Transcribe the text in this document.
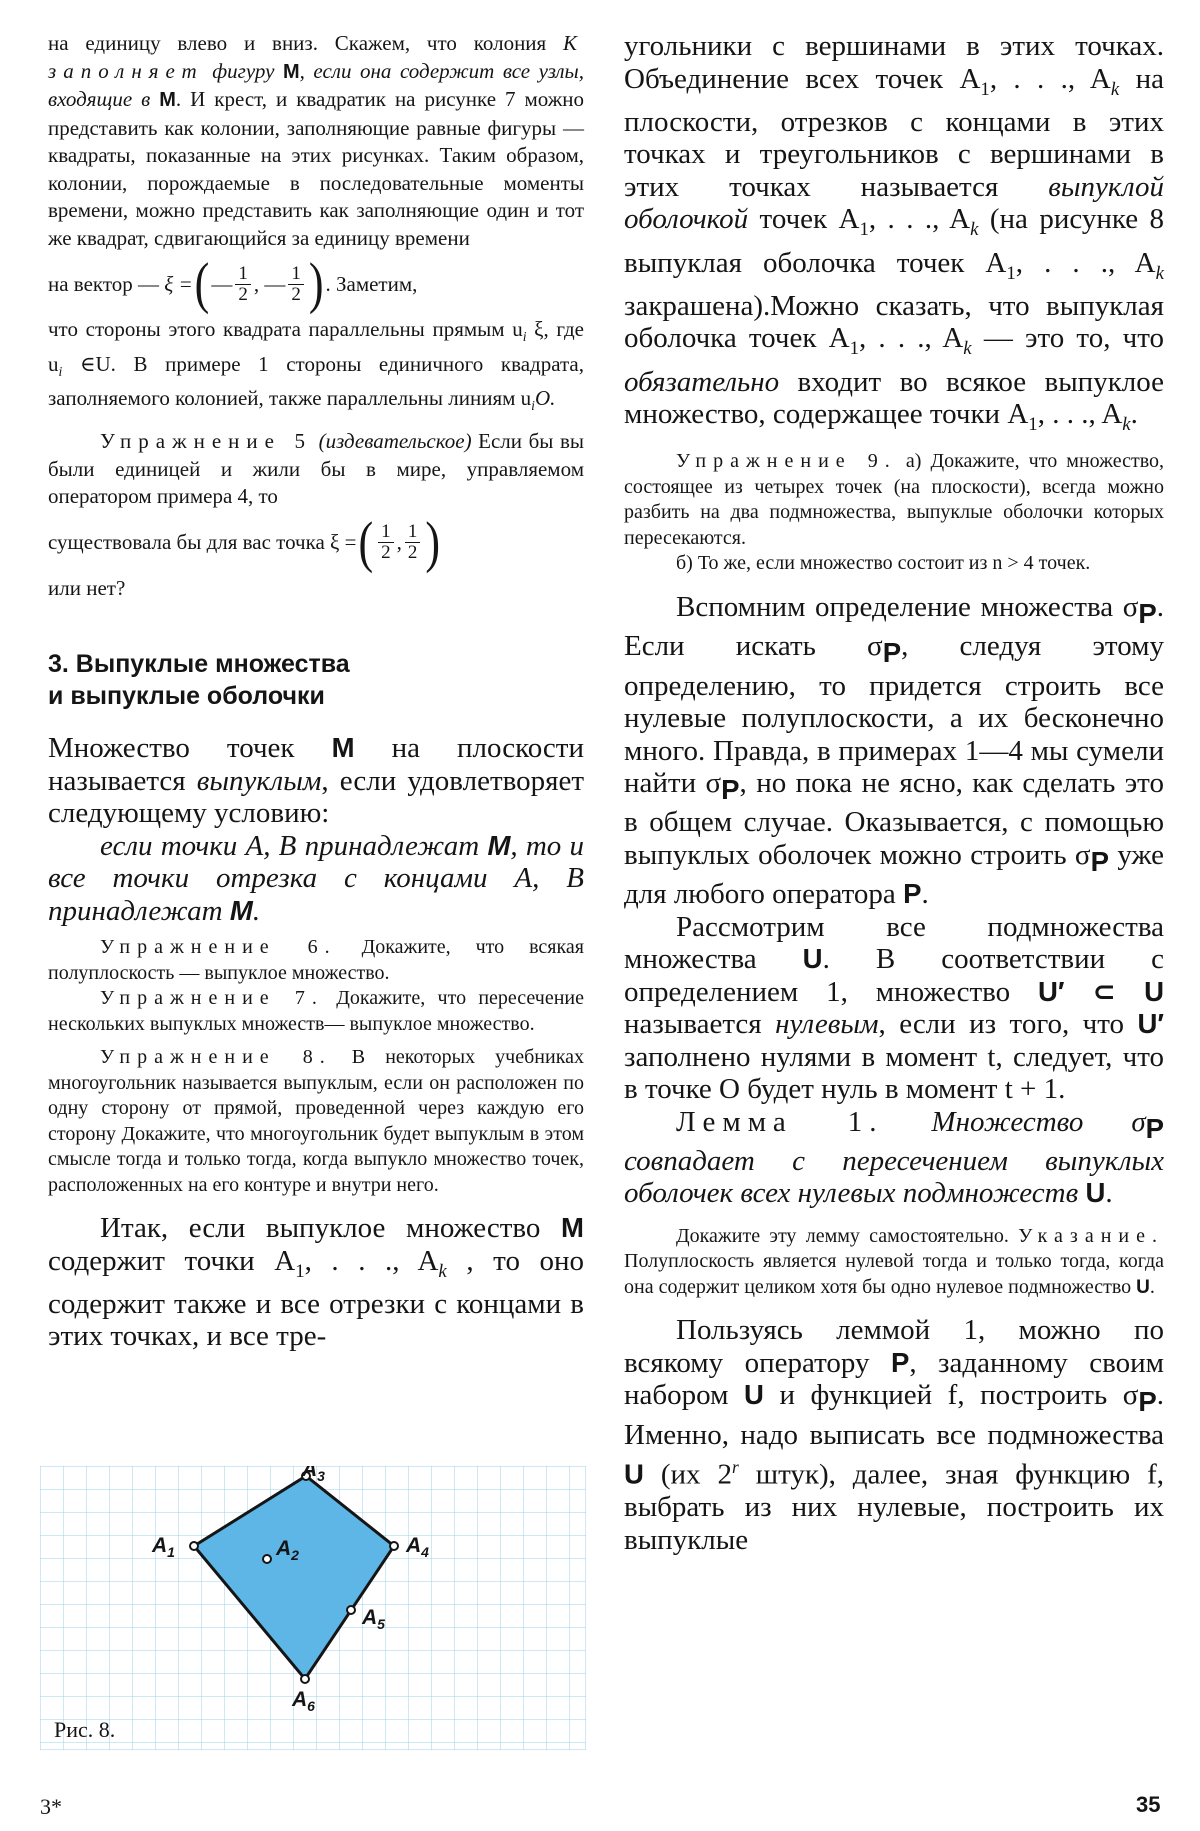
на единицу влево и вниз. Скажем, что колония К заполняет фигуру М, если она содержит все узлы, входящие в М. И крест, и квадратик на рисунке 7 можно представить как колонии, заполняющие равные фигуры — квадраты, показанные на этих рисунках. Таким образом, колонии, порождаемые в последовательные моменты времени, можно представить как заполняющие один и тот же квадрат, сдвигающийся за единицу времени

на вектор —
ξ = ( — $\frac{1}{2}$ , — $\frac{1}{2}$ ) . Заметим,

что стороны этого квадрата параллельны прямым $u_i$ ξ, где $u_i$ ∈U. В примере 1 стороны единичного квадрата, заполняемого колонией, также параллельны линиям $u_iO$.

Упражнение 5 (издевательское) Если бы вы были единицей и жили бы в мире, управляемом оператором примера 4, то

существовала бы для вас точка ξ = ( $\frac{1}{2}$ , $\frac{1}{2}$ )

или нет?

3. Выпуклые множества
и выпуклые оболочки

Множество точек М на плоскости называется выпуклым, если удовлетворяет следующему условию:

если точки А, В принадлежат М, то и все точки отрезка с концами А, В принадлежат М.

Упражнение 6. Докажите, что всякая полуплоскость — выпуклое множество.

Упражнение 7. Докажите, что пересечение нескольких выпуклых множеств— выпуклое множество.

Упражнение 8. В некоторых учебниках многоугольник называется выпуклым, если он расположен по одну сторону от прямой, проведенной через каждую его сторону Докажите, что многоугольник будет выпуклым в этом смысле тогда и только тогда, когда выпукло множество точек, расположенных на его контуре и внутри него.

Итак, если выпуклое множество М содержит точки $A_1$, . . ., $A_k$ , то оно содержит также и все отрезки с концами в этих точках, и все тре-

$A_1$	$A_2$
$A_3$
$A_4$
$A_5$
$A_6$
Рис. 8.

угольники с вершинами в этих точках. Объединение всех точек $A_1$, . . ., $A_k$ на плоскости, отрезков с концами в этих точках и треугольников с вершинами в этих точках называется выпуклой оболочкой точек $A_1$, . . ., $A_k$ (на рисунке 8 выпуклая оболочка точек $A_1$, . . ., $A_k$ закрашена).Можно сказать, что выпуклая оболочка точек $A_1$, . . ., $A_k$ — это то, что обязательно входит во всякое выпуклое множество, содержащее точки $A_1$, . . ., $A_k$.

Упражнение 9. а) Докажите, что множество, состоящее из четырех точек (на плоскости), всегда можно разбить на два подмножества, выпуклые оболочки которых пересекаются.

б) То же, если множество состоит из n > 4 точек.

Вспомним определение множества $\sigma_P$. Если искать $\sigma_P$, следуя этому определению, то придется строить все нулевые полуплоскости, а их бесконечно много. Правда, в примерах 1—4 мы сумели найти $\sigma_P$, но пока не ясно, как сделать это в общем случае. Оказывается, с помощью выпуклых оболочек можно строить $\sigma_P$ уже для любого оператора P.

Рассмотрим все подмножества множества U. В соответствии с определением 1, множество U′ ⊂ U называется нулевым, если из того, что U′ заполнено нулями в момент t, следует, что в точке O будет нуль в момент t + 1.

Лемма 1. Множество $\sigma_P$ совпадает с пересечением выпуклых оболочек всех нулевых подмножеств U.

Докажите эту лемму самостоятельно. Указание. Полуплоскость является нулевой тогда и только тогда, когда она содержит целиком хотя бы одно нулевое подмножество U.

Пользуясь леммой 1, можно по всякому оператору P, заданному своим набором U и функцией f, построить $\sigma_P$. Именно, надо выписать все подмножества U (их 2$^r$ штук), далее, зная функцию f, выбрать из них нулевые, построить их выпуклые

3*	35
